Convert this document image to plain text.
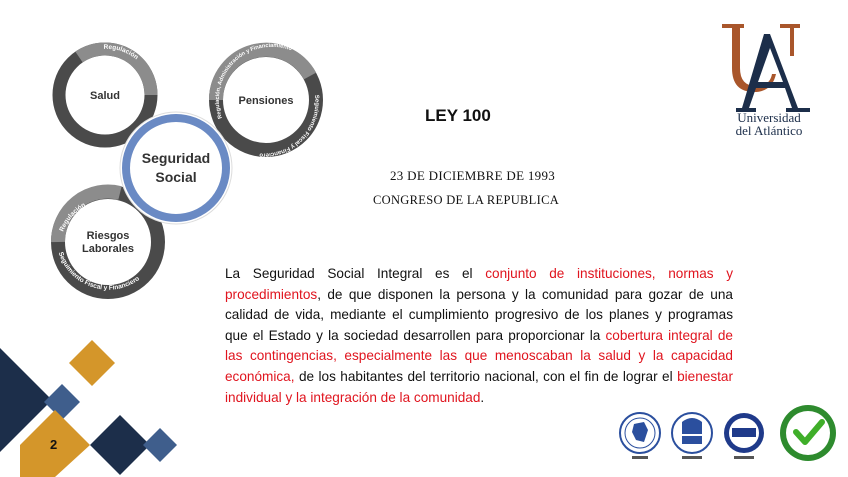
Salud
Regulación
Seguimiento Fiscal y Financiero
Pensiones
Regulación, Administración y Financiamiento
Seguimiento Fiscal y Financiero
Riesgos
Laborales
Regulación
Seguimiento Fiscal y Financiero
Seguridad
Social
LEY 100
23 DE DICIEMBRE DE 1993
CONGRESO DE LA REPUBLICA
La Seguridad Social Integral es el conjunto de instituciones, normas y procedimientos, de que disponen la persona y la comunidad para gozar de una calidad de vida, mediante el cumplimiento progresivo de los planes y programas que el Estado y la sociedad desarrollen para proporcionar la cobertura integral de las contingencias, especialmente las que menoscaban la salud y la capacidad económica, de los habitantes del territorio nacional, con el fin de lograr el bienestar individual y la integración de la comunidad.
Universidad
del Atlántico
2
